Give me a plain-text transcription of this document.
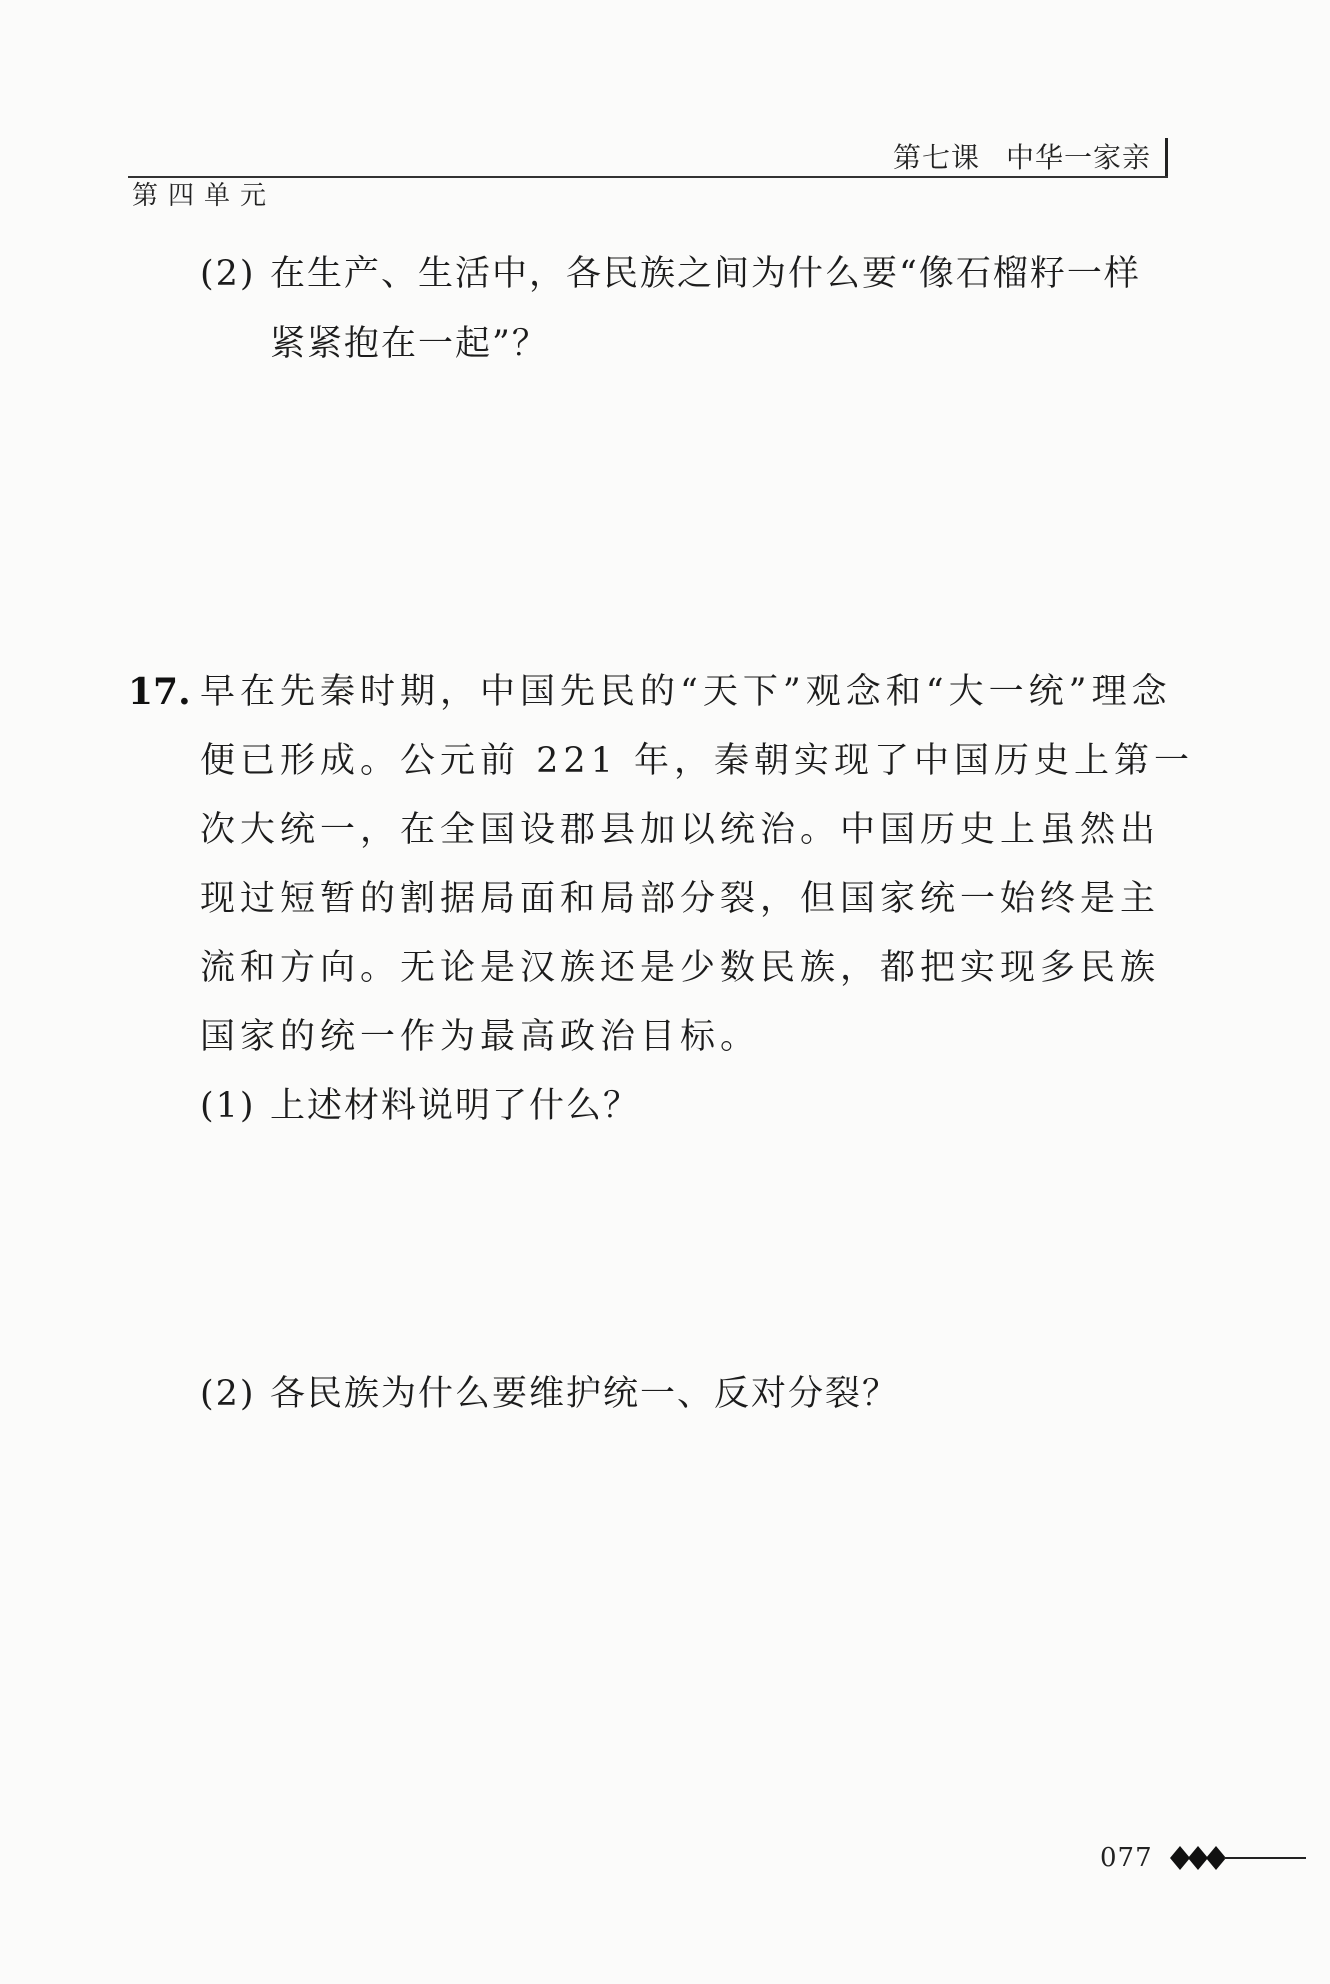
第七课 中华一家亲
第四单元
(2) 在生产、生活中，各民族之间为什么要“像石榴籽一样
紧紧抱在一起”？
17. 早在先秦时期，中国先民的“天下”观念和“大一统”理念
便已形成。公元前 221 年，秦朝实现了中国历史上第一
次大统一，在全国设郡县加以统治。中国历史上虽然出
现过短暂的割据局面和局部分裂，但国家统一始终是主
流和方向。无论是汉族还是少数民族，都把实现多民族
国家的统一作为最高政治目标。
(1) 上述材料说明了什么？
(2) 各民族为什么要维护统一、反对分裂？
077
